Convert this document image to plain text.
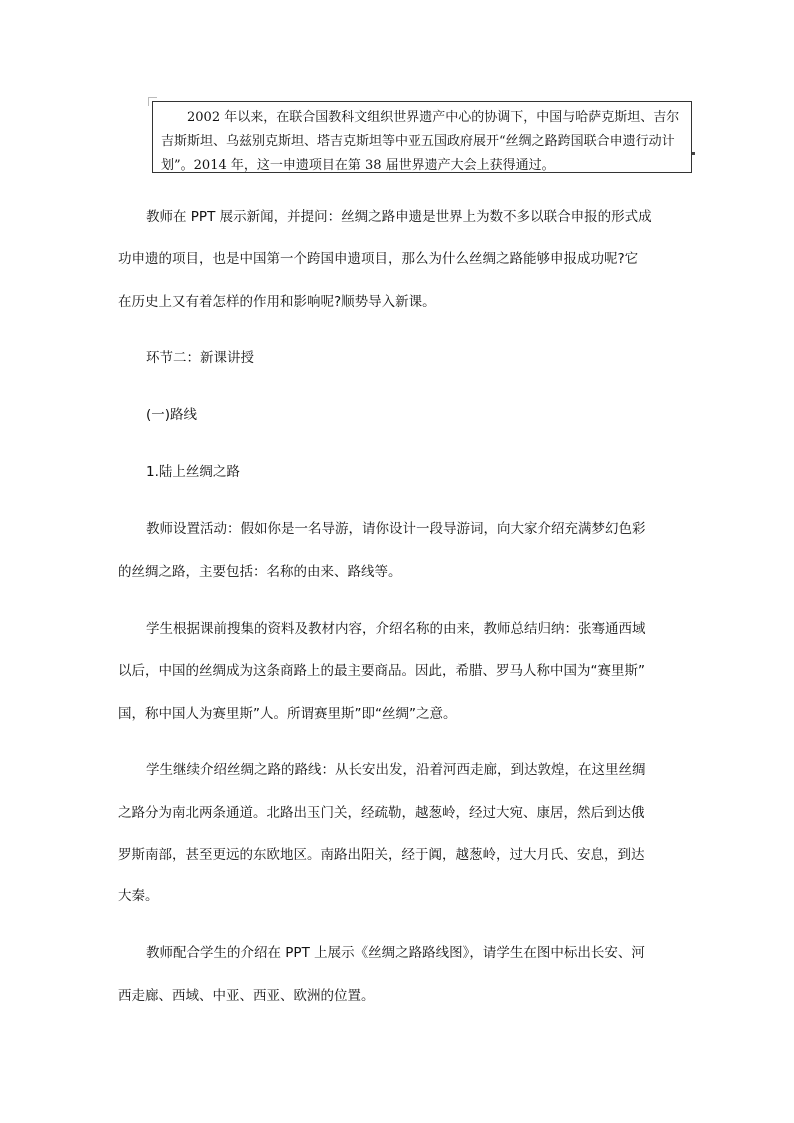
2002 年以来，在联合国教科文组织世界遗产中心的协调下，中国与哈萨克斯坦、吉尔吉斯斯坦、乌兹别克斯坦、塔吉克斯坦等中亚五国政府展开“丝绸之路跨国联合申遗行动计划”。2014 年，这一申遗项目在第 38 届世界遗产大会上获得通过。

教师在 PPT 展示新闻，并提问：丝绸之路申遗是世界上为数不多以联合申报的形式成
功申遗的项目，也是中国第一个跨国申遗项目，那么为什么丝绸之路能够申报成功呢?它
在历史上又有着怎样的作用和影响呢?顺势导入新课。
环节二：新课讲授
(一)路线
1.陆上丝绸之路
教师设置活动：假如你是一名导游，请你设计一段导游词，向大家介绍充满梦幻色彩
的丝绸之路，主要包括：名称的由来、路线等。
学生根据课前搜集的资料及教材内容，介绍名称的由来，教师总结归纳：张骞通西域
以后，中国的丝绸成为这条商路上的最主要商品。因此，希腊、罗马人称中国为“赛里斯”
国，称中国人为赛里斯”人。所谓赛里斯”即“丝绸”之意。
学生继续介绍丝绸之路的路线：从长安出发，沿着河西走廊，到达敦煌，在这里丝绸
之路分为南北两条通道。北路出玉门关，经疏勒，越葱岭，经过大宛、康居，然后到达俄
罗斯南部，甚至更远的东欧地区。南路出阳关，经于阗，越葱岭，过大月氏、安息，到达
大秦。
教师配合学生的介绍在 PPT 上展示《丝绸之路路线图》，请学生在图中标出长安、河
西走廊、西域、中亚、西亚、欧洲的位置。
